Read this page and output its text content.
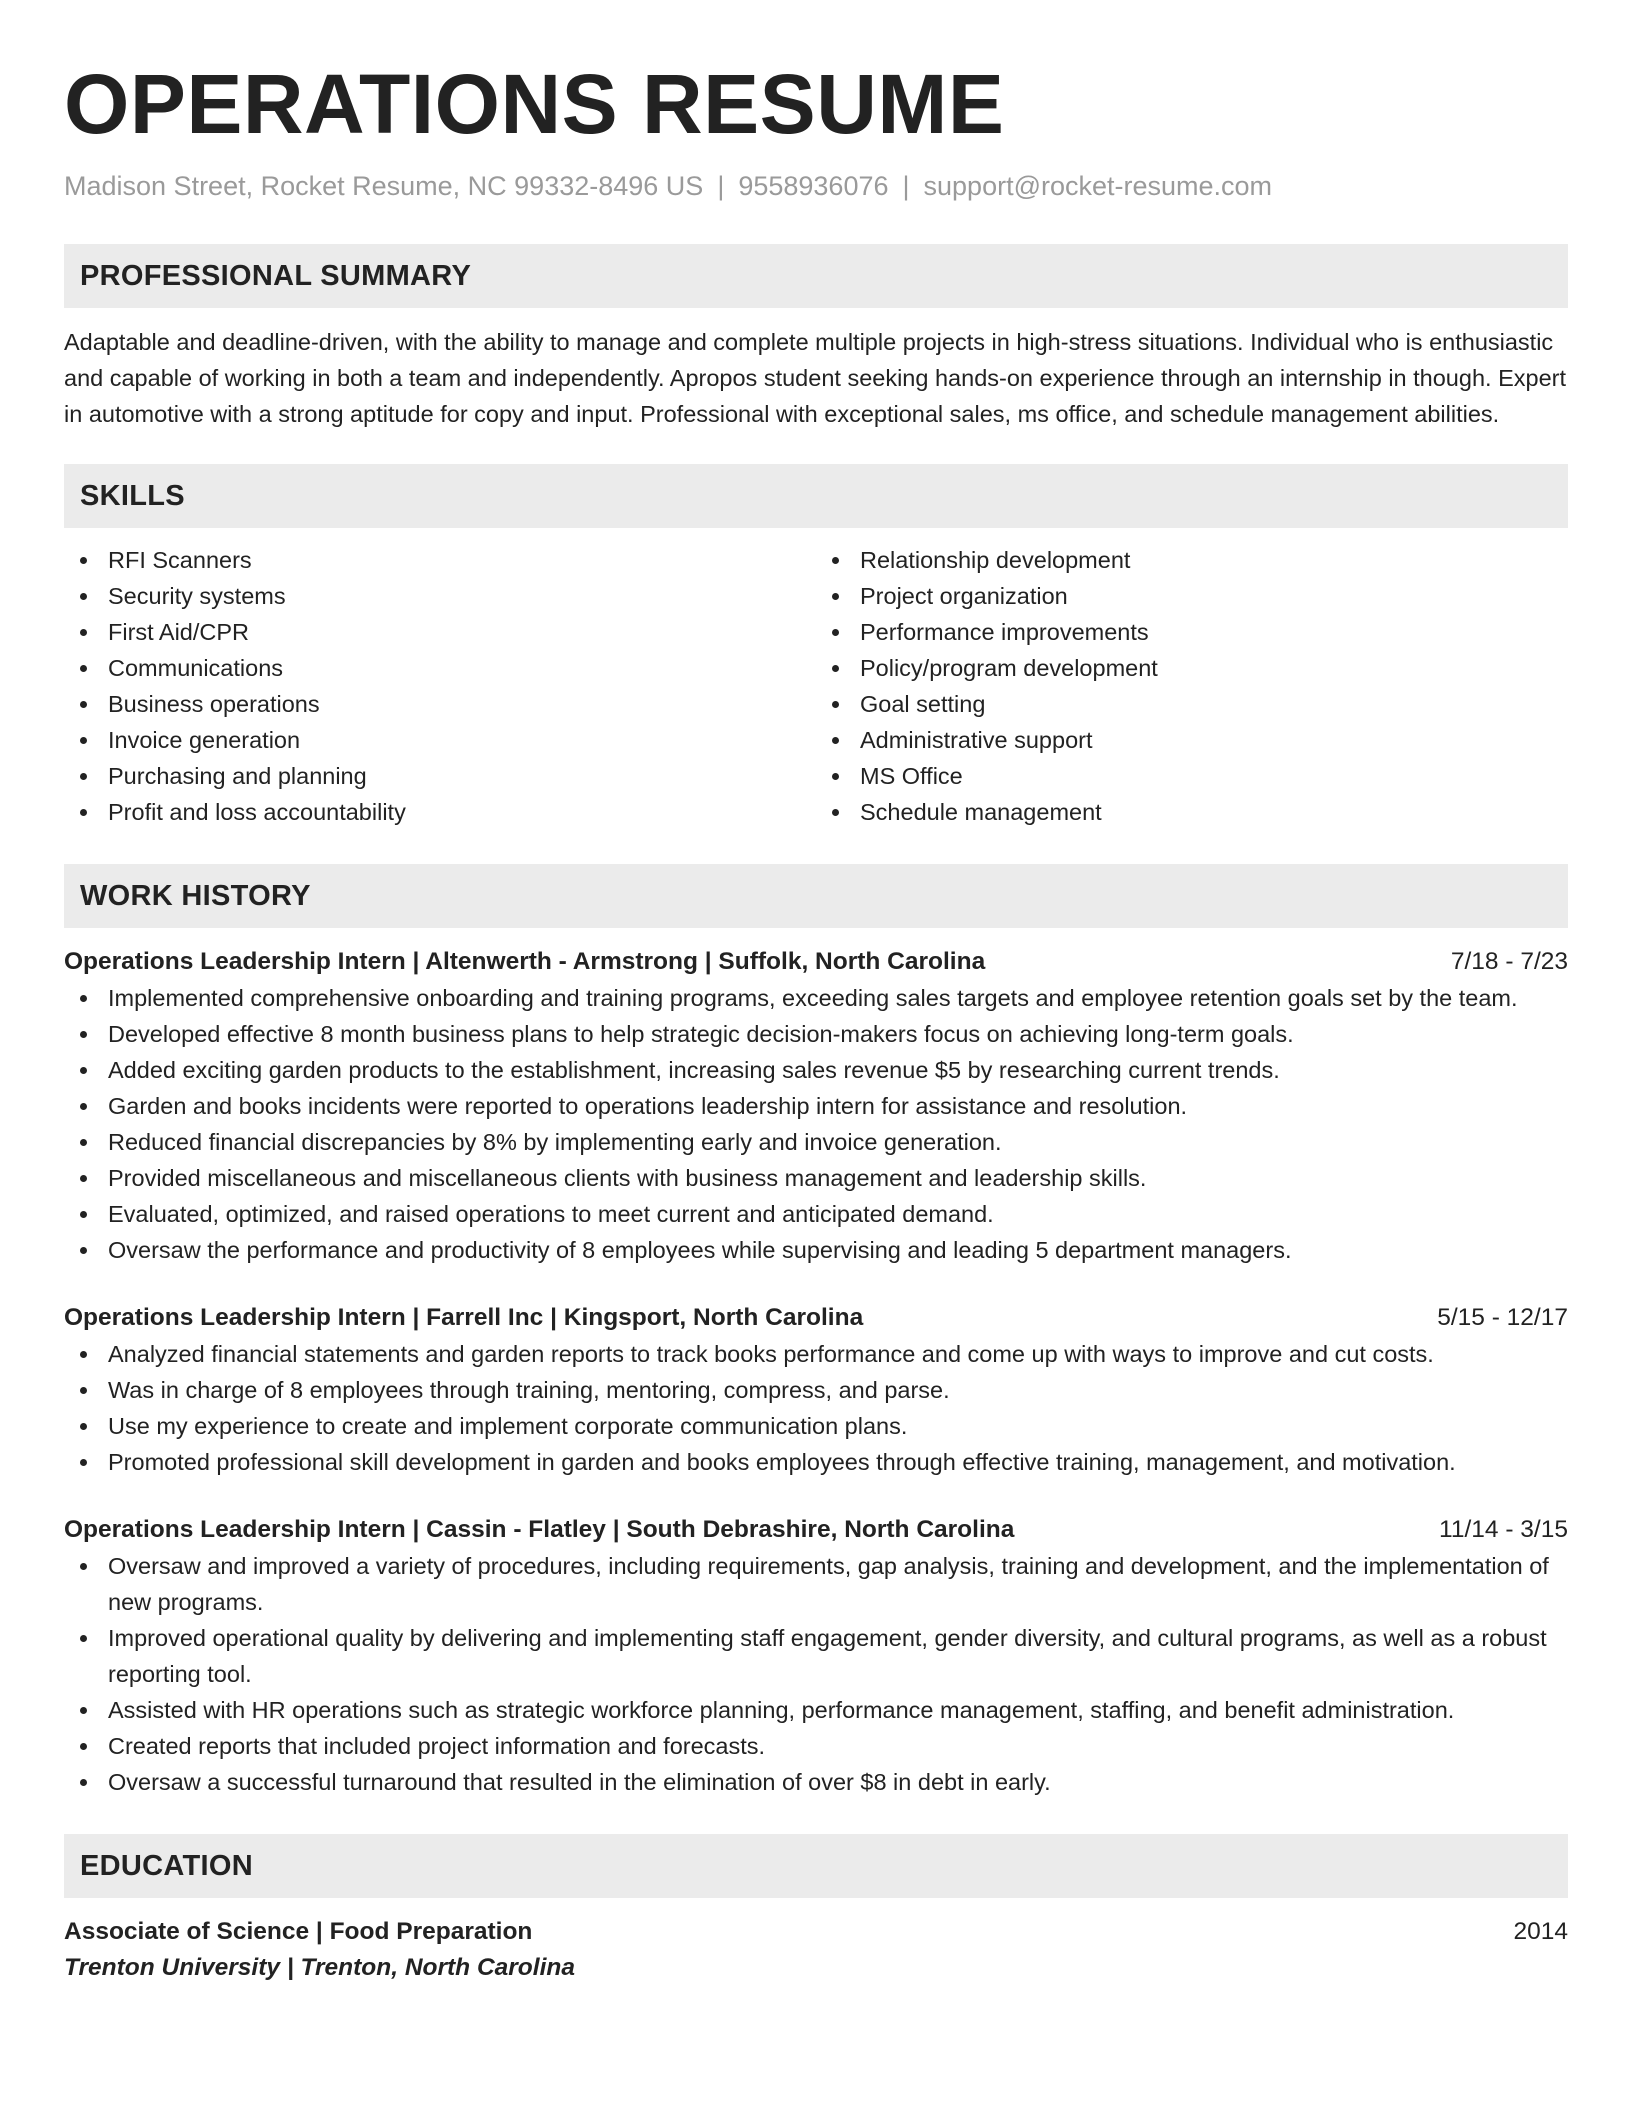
OPERATIONS RESUME
Madison Street, Rocket Resume, NC 99332-8496 US | 9558936076 | support@rocket-resume.com
PROFESSIONAL SUMMARY

Adaptable and deadline-driven, with the ability to manage and complete multiple projects in high-stress situations. Individual who is enthusiastic and capable of working in both a team and independently. Apropos student seeking hands-on experience through an internship in though. Expert in automotive with a strong aptitude for copy and input. Professional with exceptional sales, ms office, and schedule management abilities.

SKILLS
RFI Scanners
Security systems
First Aid/CPR
Communications
Business operations
Invoice generation
Purchasing and planning
Profit and loss accountability
Relationship development
Project organization
Performance improvements
Policy/program development
Goal setting
Administrative support
MS Office
Schedule management
WORK HISTORY
Operations Leadership Intern | Altenwerth - Armstrong | Suffolk, North Carolina	7/18 - 7/23
Implemented comprehensive onboarding and training programs, exceeding sales targets and employee retention goals set by the team.
Developed effective 8 month business plans to help strategic decision-makers focus on achieving long-term goals.
Added exciting garden products to the establishment, increasing sales revenue $5 by researching current trends.
Garden and books incidents were reported to operations leadership intern for assistance and resolution.
Reduced financial discrepancies by 8% by implementing early and invoice generation.
Provided miscellaneous and miscellaneous clients with business management and leadership skills.
Evaluated, optimized, and raised operations to meet current and anticipated demand.
Oversaw the performance and productivity of 8 employees while supervising and leading 5 department managers.
Operations Leadership Intern | Farrell Inc | Kingsport, North Carolina	5/15 - 12/17
Analyzed financial statements and garden reports to track books performance and come up with ways to improve and cut costs.
Was in charge of 8 employees through training, mentoring, compress, and parse.
Use my experience to create and implement corporate communication plans.
Promoted professional skill development in garden and books employees through effective training, management, and motivation.
Operations Leadership Intern | Cassin - Flatley | South Debrashire, North Carolina	11/14 - 3/15
Oversaw and improved a variety of procedures, including requirements, gap analysis, training and development, and the implementation of new programs.
Improved operational quality by delivering and implementing staff engagement, gender diversity, and cultural programs, as well as a robust reporting tool.
Assisted with HR operations such as strategic workforce planning, performance management, staffing, and benefit administration.
Created reports that included project information and forecasts.
Oversaw a successful turnaround that resulted in the elimination of over $8 in debt in early.
EDUCATION
Associate of Science | Food Preparation	2014
Trenton University | Trenton, North Carolina
